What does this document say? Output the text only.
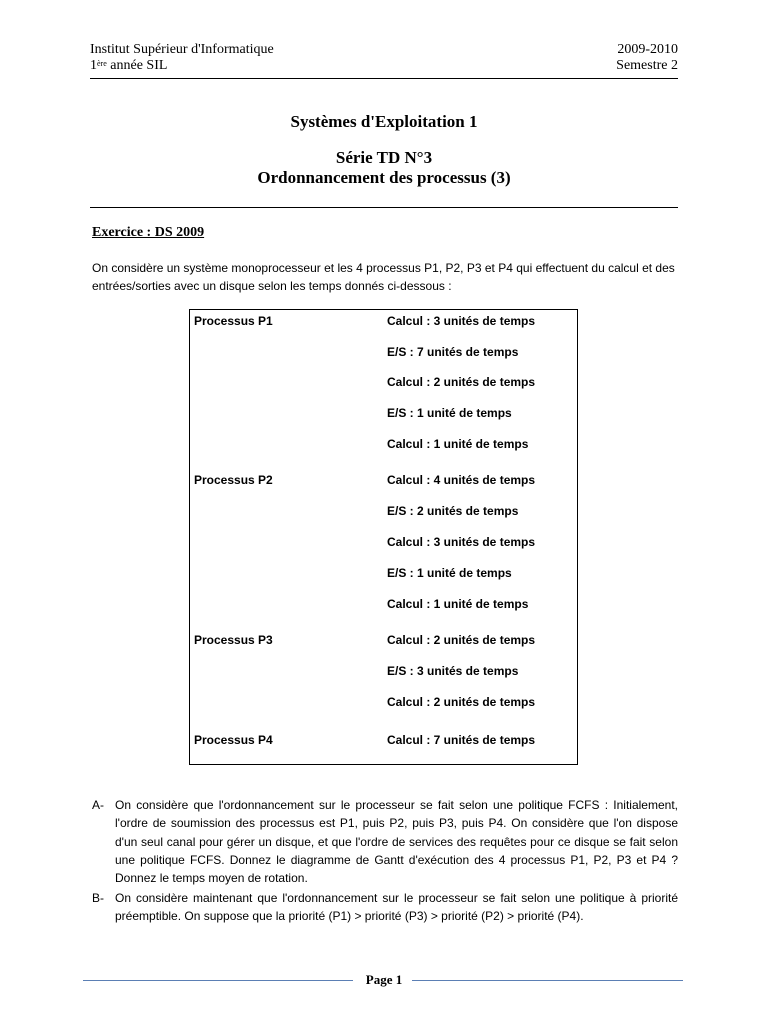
Institut Supérieur d'Informatique	2009-2010
1ère année SIL	Semestre 2
Systèmes d'Exploitation 1
Série TD N°3
Ordonnancement des processus (3)
Exercice : DS 2009
On considère un système monoprocesseur et les 4 processus P1, P2, P3 et P4 qui effectuent du calcul et des entrées/sorties avec un disque selon les temps donnés ci-dessous :
Processus P1	Calcul : 3 unités de temps
E/S : 7 unités de temps
Calcul : 2 unités de temps
E/S : 1 unité de temps
Calcul : 1 unité de temps
Processus P2	Calcul : 4 unités de temps
E/S : 2 unités de temps
Calcul : 3 unités de temps
E/S : 1 unité de temps
Calcul : 1 unité de temps
Processus P3	Calcul : 2 unités de temps
E/S : 3 unités de temps
Calcul : 2 unités de temps
Processus P4	Calcul : 7 unités de temps
A- On considère que l'ordonnancement sur le processeur se fait selon une politique FCFS : Initialement, l'ordre de soumission des processus est P1, puis P2, puis P3, puis P4. On considère que l'on dispose d'un seul canal pour gérer un disque, et que l'ordre de services des requêtes pour ce disque se fait selon une politique FCFS. Donnez le diagramme de Gantt d'exécution des 4 processus P1, P2, P3 et P4 ? Donnez le temps moyen de rotation.
B- On considère maintenant que l'ordonnancement sur le processeur se fait selon une politique à priorité préemptible. On suppose que la priorité (P1) > priorité (P3) > priorité (P2) > priorité (P4).
Page 1
